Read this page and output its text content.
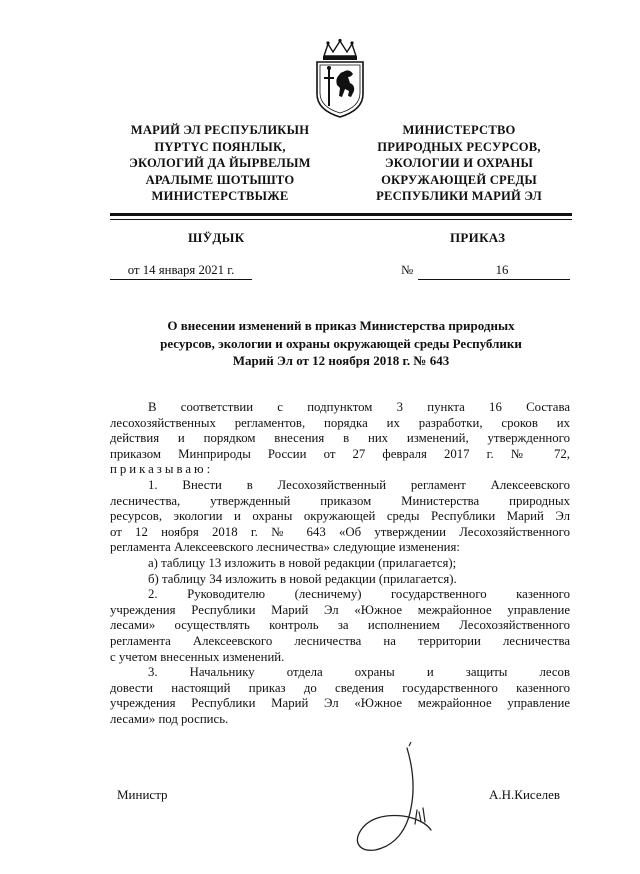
МАРИЙ ЭЛ РЕСПУБЛИКЫН
ПҮРТҮС ПОЯНЛЫК,
ЭКОЛОГИЙ ДА ЙЫРВЕЛЫМ
АРАЛЫМЕ ШОТЫШТО
МИНИСТЕРСТВЫЖЕ
МИНИСТЕРСТВО
ПРИРОДНЫХ РЕСУРСОВ,
ЭКОЛОГИИ И ОХРАНЫ
ОКРУЖАЮЩЕЙ СРЕДЫ
РЕСПУБЛИКИ МАРИЙ ЭЛ
ШӰДЫК	ПРИКАЗ
от 14 января 2021 г.	№	16
О внесении изменений в приказ Министерства природных
ресурсов, экологии и охраны окружающей среды Республики
Марий Эл от 12 ноября 2018 г. № 643

В соответствии с подпунктом 3 пункта 16 Состава

лесохозяйственных регламентов, порядка их разработки, сроков их

действия и порядком внесения в них изменений, утвержденного

приказом Минприроды России от 27 февраля 2017 г. № 72,

приказываю:

1. Внести в Лесохозяйственный регламент Алексеевского

лесничества, утвержденный приказом Министерства природных

ресурсов, экологии и охраны окружающей среды Республики Марий Эл

от 12 ноября 2018 г. № 643 «Об утверждении Лесохозяйственного

регламента Алексеевского лесничества» следующие изменения:

а) таблицу 13 изложить в новой редакции (прилагается);

б) таблицу 34 изложить в новой редакции (прилагается).

2. Руководителю (лесничему) государственного казенного

учреждения Республики Марий Эл «Южное межрайонное управление

лесами» осуществлять контроль за исполнением Лесохозяйственного

регламента Алексеевского лесничества на территории лесничества

с учетом внесенных изменений.

3. Начальнику отдела охраны и защиты лесов

довести настоящий приказ до сведения государственного казенного

учреждения Республики Марий Эл «Южное межрайонное управление

лесами» под роспись.

Министр	А.Н.Киселев
